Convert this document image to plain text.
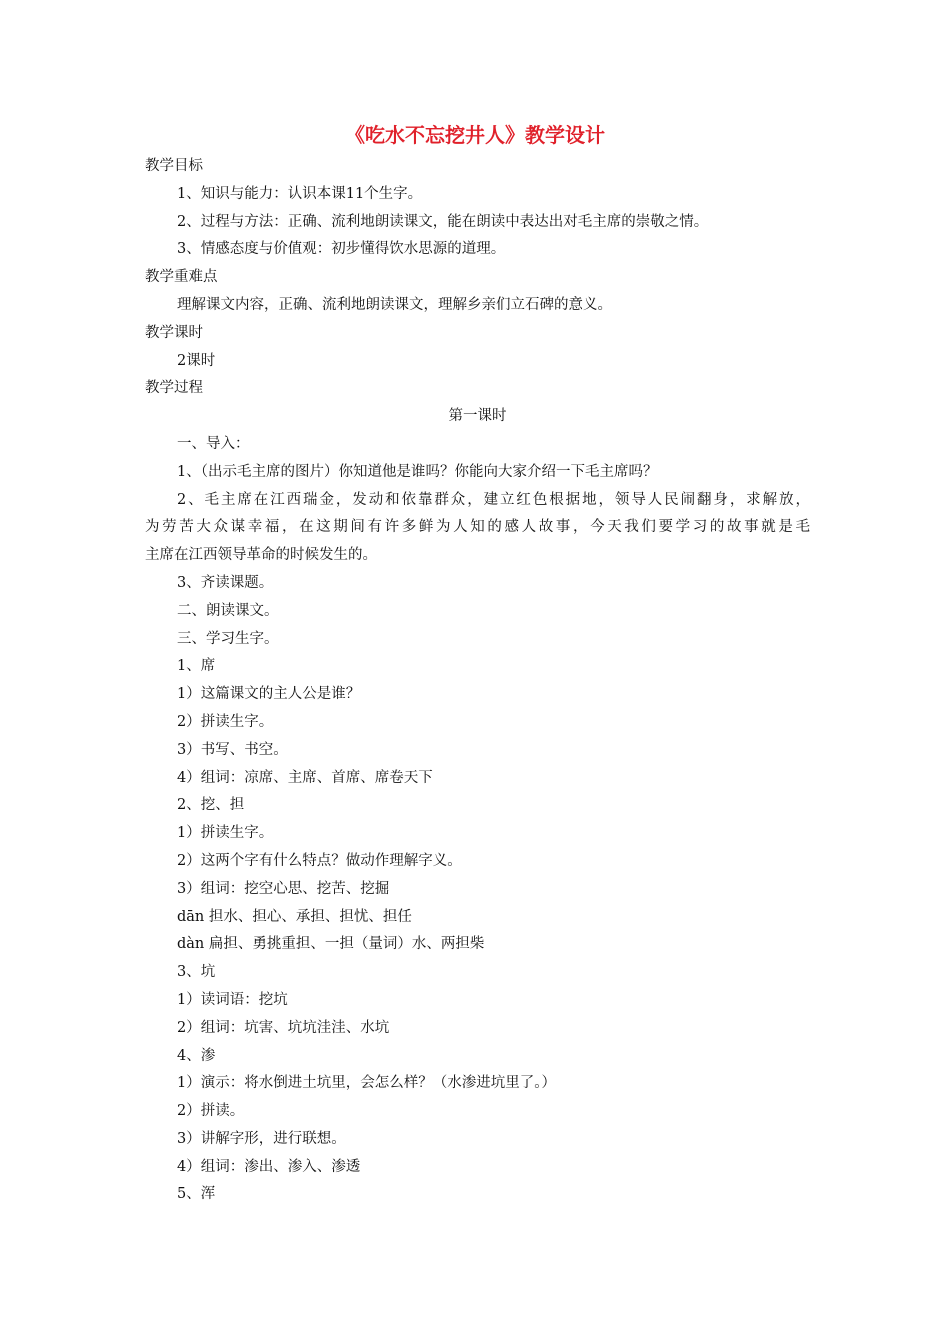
《吃水不忘挖井人》教学设计
教学目标
1、知识与能力：认识本课11个生字。
2、过程与方法：正确、流利地朗读课文，能在朗读中表达出对毛主席的崇敬之情。
3、情感态度与价值观：初步懂得饮水思源的道理。
教学重难点
理解课文内容，正确、流利地朗读课文，理解乡亲们立石碑的意义。
教学课时
2课时
教学过程
第一课时
一、导入：
1、（出示毛主席的图片）你知道他是谁吗？你能向大家介绍一下毛主席吗？
2、毛主席在江西瑞金，发动和依靠群众，建立红色根据地，领导人民闹翻身，求解放，
为劳苦大众谋幸福，在这期间有许多鲜为人知的感人故事，今天我们要学习的故事就是毛
主席在江西领导革命的时候发生的。
3、齐读课题。
二、朗读课文。
三、学习生字。
1、席
1）这篇课文的主人公是谁？
2）拼读生字。
3）书写、书空。
4）组词：凉席、主席、首席、席卷天下
2、挖、担
1）拼读生字。
2）这两个字有什么特点？做动作理解字义。
3）组词：挖空心思、挖苦、挖掘
dān 担水、担心、承担、担忧、担任
dàn 扁担、勇挑重担、一担（量词）水、两担柴
3、坑
1）读词语：挖坑
2）组词：坑害、坑坑洼洼、水坑
4、渗
1）演示：将水倒进土坑里，会怎么样？（水渗进坑里了。）
2）拼读。
3）讲解字形，进行联想。
4）组词：渗出、渗入、渗透
5、浑
